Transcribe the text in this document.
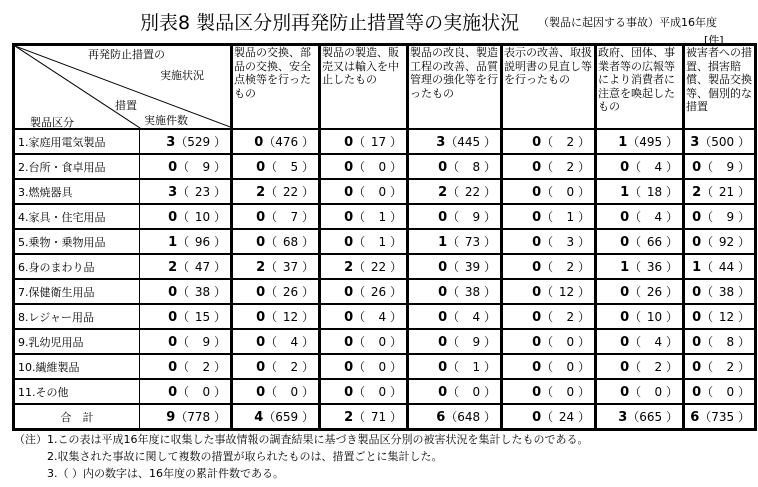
別表8 製品区分別再発防止措置等の実施状況 （製品に起因する事故）平成16年度
[件]
再発防止措置の
実施状況
措置
実施件数
製品区分		製品の交換、部品の交換、安全点検等を行ったもの	製品の製造、販売又は輸入を中止したもの	製品の改良、製造工程の改善、品質管理の強化等を行ったもの	表示の改善、取扱説明書の見直し等を行ったもの	政府、団体、事業者等の広報等により消費者に注意を喚起したもの	被害者への措置、損害賠償、製品交換等、個別的な措置
1.家庭用電気製品	3（529 ）	0（476 ）	0（ 17 ）	3（445 ）	0（ 2 ）	1（495 ）	3（500 ）
2.台所・食卓用品	0（ 9 ）	0（ 5 ）	0（ 0 ）	0（ 8 ）	0（ 2 ）	0（ 4 ）	0（ 9 ）
3.燃焼器具	3（ 23 ）	2（ 22 ）	0（ 0 ）	2（ 22 ）	0（ 0 ）	1（ 18 ）	2（ 21 ）
4.家具・住宅用品	0（ 10 ）	0（ 7 ）	0（ 1 ）	0（ 9 ）	0（ 1 ）	0（ 4 ）	0（ 9 ）
5.乗物・乗物用品	1（ 96 ）	0（ 68 ）	0（ 1 ）	1（ 73 ）	0（ 3 ）	0（ 66 ）	0（ 92 ）
6.身のまわり品	2（ 47 ）	2（ 37 ）	2（ 22 ）	0（ 39 ）	0（ 2 ）	1（ 36 ）	1（ 44 ）
7.保健衛生用品	0（ 38 ）	0（ 26 ）	0（ 26 ）	0（ 38 ）	0（ 12 ）	0（ 26 ）	0（ 38 ）
8.レジャー用品	0（ 15 ）	0（ 12 ）	0（ 4 ）	0（ 4 ）	0（ 2 ）	0（ 10 ）	0（ 12 ）
9.乳幼児用品	0（ 9 ）	0（ 4 ）	0（ 0 ）	0（ 9 ）	0（ 0 ）	0（ 4 ）	0（ 8 ）
10.繊維製品	0（ 2 ）	0（ 2 ）	0（ 0 ）	0（ 1 ）	0（ 0 ）	0（ 2 ）	0（ 2 ）
11.その他	0（ 0 ）	0（ 0 ）	0（ 0 ）	0（ 0 ）	0（ 0 ）	0（ 0 ）	0（ 0 ）
合　計	9（778 ）	4（659 ）	2（ 71 ）	6（648 ）	0（ 24 ）	3（665 ）	6（735 ）
（注）1.この表は平成16年度に収集した事故情報の調査結果に基づき製品区分別の被害状況を集計したものである。
　　　2.収集された事故に関して複数の措置が取られたものは、措置ごとに集計した。
　　　3.（ ）内の数字は、16年度の累計件数である。
